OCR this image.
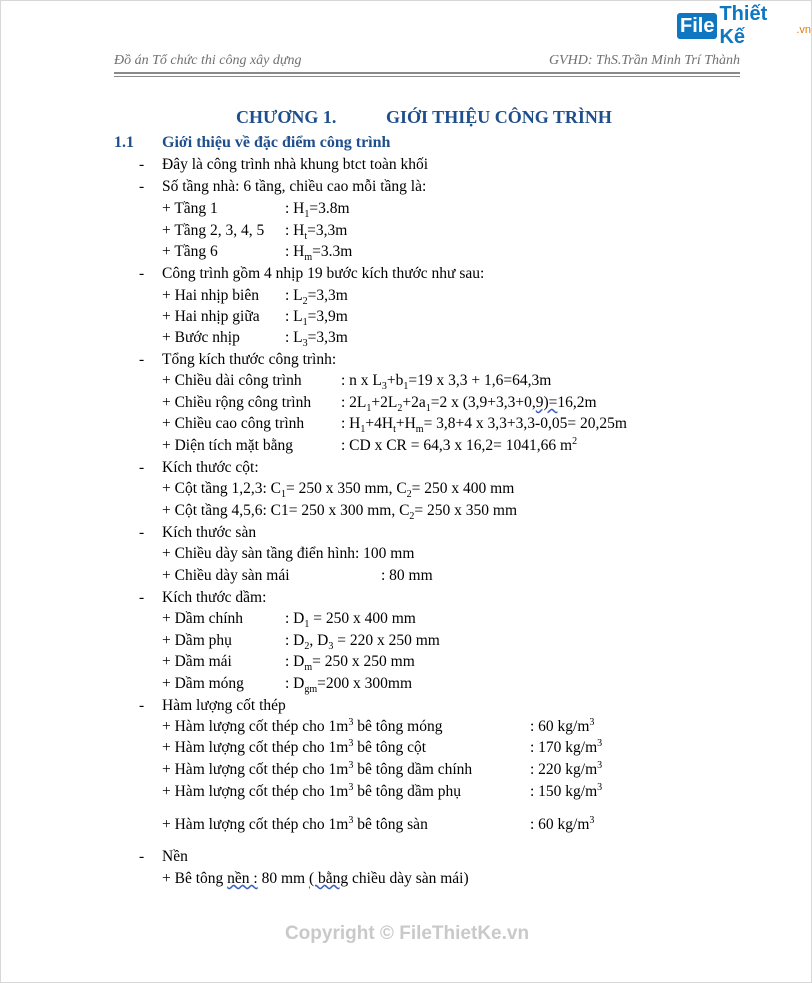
File
Thiết Kế	.vn
Đồ án Tổ chức thi công xây dựng	GVHD: ThS.Trần Minh Trí Thành
CHƯƠNG 1.	GIỚI THIỆU CÔNG TRÌNH
1.1 Giới thiệu về đặc điểm công trình
- Đây là công trình nhà khung btct toàn khối
- Số tầng nhà: 6 tầng, chiều cao mỗi tầng là:
+ Tầng 1	: $H_1=3.8m$
+ Tầng 2, 3, 4, 5 : $H_t=3,3m$
+ Tầng 6	: $H_m=3.3m$
- Công trình gồm 4 nhịp 19 bước kích thước như sau:
+ Hai nhịp biên : $L_2=3,3m$
+ Hai nhịp giữa : $L_1=3,9m$
+ Bước nhịp	: $L_3=3,3m$
- Tổng kích thước công trình:
+ Chiều dài công trình	: n x $L_3+b_1=19$ x 3,3 + 1,6=64,3m
+ Chiều rộng công trình : $2L_1+2L_2+2a_1=2$ x (3,9+3,3+0,9)=16,2m
+ Chiều cao công trình : $H_1+4H_t+H_m= 3,8+4$ x 3,3+3,3-0,05= 20,25m
+ Diện tích mặt bằng	: CD x CR = 64,3 x 16,2= 1041,66 $m^2$
- Kích thước cột:
+ Cột tầng 1,2,3: $C_1= 250$ x 350 mm, $C_2= 250$ x 400 mm
+ Cột tầng 4,5,6: C1= 250 x 300 mm, $C_2= 250$ x 350 mm
- Kích thước sàn
+ Chiều dày sàn tầng điển hình: 100 mm
+ Chiều dày sàn mái	: 80 mm
- Kích thước dầm:
+ Dầm chính	: $D_1 = 250$ x 400 mm
+ Dầm phụ	: $D_2$, $D_3 = 220$ x 250 mm
+ Dầm mái	: $D_m= 250$ x 250 mm
+ Dầm móng	: $D_{gm}=200$ x 300mm
- Hàm lượng cốt thép
+ Hàm lượng cốt thép cho $1m^3$ bê tông móng	: 60 $kg/m^3$
+ Hàm lượng cốt thép cho $1m^3$ bê tông cột	: 170 $kg/m^3$
+ Hàm lượng cốt thép cho $1m^3$ bê tông dầm chính	: 220 $kg/m^3$
+ Hàm lượng cốt thép cho $1m^3$ bê tông dầm phụ	: 150 $kg/m^3$
+ Hàm lượng cốt thép cho $1m^3$ bê tông sàn	: 60 $kg/m^3$
- Nền
+ Bê tông nền : 80 mm ( bằng chiều dày sàn mái)
Copyright © FileThietKe.vn
